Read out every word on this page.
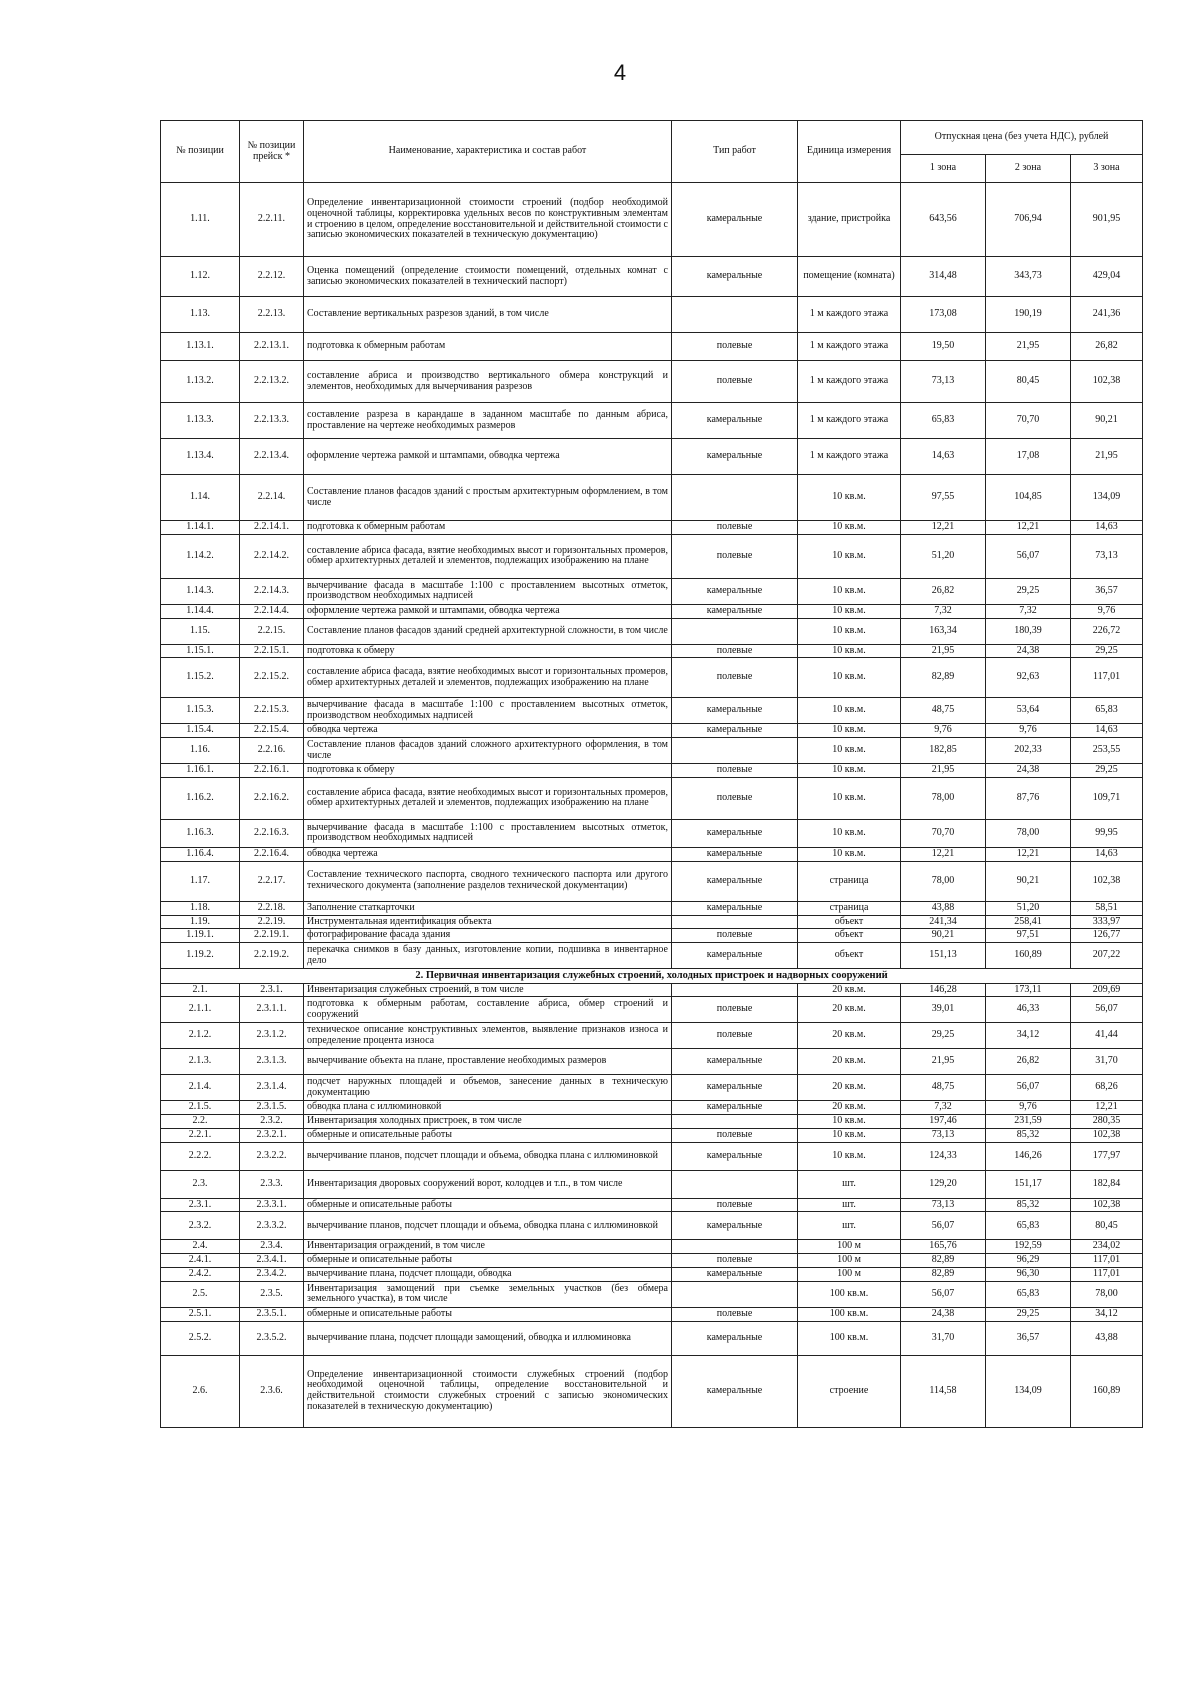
4
№ позиции	№ позиции прейск *	Наименование, характеристика и состав работ	Тип работ	Единица измерения	Отпускная цена (без учета НДС), рублей		
					1 зона	2 зона	3 зона
1.11.	2.2.11.	Определение инвентаризационной стоимости строений (подбор необходимой оценочной таблицы, корректировка удельных весов по конструктивным элементам и строению в целом, определение восстановительной и действительной стоимости с записью экономических показателей в техническую документацию)	камеральные	здание, пристройка	643,56	706,94	901,95
1.12.	2.2.12.	Оценка помещений (определение стоимости помещений, отдельных комнат с записью экономических показателей в технический паспорт)	камеральные	помещение (комната)	314,48	343,73	429,04
1.13.	2.2.13.	Составление вертикальных разрезов зданий, в том числе		1 м каждого этажа	173,08	190,19	241,36
1.13.1.	2.2.13.1.	подготовка к обмерным работам	полевые	1 м каждого этажа	19,50	21,95	26,82
1.13.2.	2.2.13.2.	составление абриса и производство вертикального обмера конструкций и элементов, необходимых для вычерчивания разрезов	полевые	1 м каждого этажа	73,13	80,45	102,38
1.13.3.	2.2.13.3.	составление разреза в карандаше в заданном масштабе по данным абриса, проставление на чертеже необходимых размеров	камеральные	1 м каждого этажа	65,83	70,70	90,21
1.13.4.	2.2.13.4.	оформление чертежа рамкой и штампами, обводка чертежа	камеральные	1 м каждого этажа	14,63	17,08	21,95
1.14.	2.2.14.	Составление планов фасадов зданий с простым архитектурным оформлением, в том числе		10 кв.м.	97,55	104,85	134,09
1.14.1.	2.2.14.1.	подготовка к обмерным работам	полевые	10 кв.м.	12,21	12,21	14,63
1.14.2.	2.2.14.2.	составление абриса фасада, взятие необходимых высот и горизонтальных промеров, обмер архитектурных деталей и элементов, подлежащих изображению на плане	полевые	10 кв.м.	51,20	56,07	73,13
1.14.3.	2.2.14.3.	вычерчивание фасада в масштабе 1:100 с проставлением высотных отметок, производством необходимых надписей	камеральные	10 кв.м.	26,82	29,25	36,57
1.14.4.	2.2.14.4.	оформление чертежа рамкой и штампами, обводка чертежа	камеральные	10 кв.м.	7,32	7,32	9,76
1.15.	2.2.15.	Составление планов фасадов зданий средней архитектурной сложности, в том числе		10 кв.м.	163,34	180,39	226,72
1.15.1.	2.2.15.1.	подготовка к обмеру	полевые	10 кв.м.	21,95	24,38	29,25
1.15.2.	2.2.15.2.	составление абриса фасада, взятие необходимых высот и горизонтальных промеров, обмер архитектурных деталей и элементов, подлежащих изображению на плане	полевые	10 кв.м.	82,89	92,63	117,01
1.15.3.	2.2.15.3.	вычерчивание фасада в масштабе 1:100 с проставлением высотных отметок, производством необходимых надписей	камеральные	10 кв.м.	48,75	53,64	65,83
1.15.4.	2.2.15.4.	обводка чертежа	камеральные	10 кв.м.	9,76	9,76	14,63
1.16.	2.2.16.	Составление планов фасадов зданий сложного архитектурного оформления, в том числе		10 кв.м.	182,85	202,33	253,55
1.16.1.	2.2.16.1.	подготовка к обмеру	полевые	10 кв.м.	21,95	24,38	29,25
1.16.2.	2.2.16.2.	составление абриса фасада, взятие необходимых высот и горизонтальных промеров, обмер архитектурных деталей и элементов, подлежащих изображению на плане	полевые	10 кв.м.	78,00	87,76	109,71
1.16.3.	2.2.16.3.	вычерчивание фасада в масштабе 1:100 с проставлением высотных отметок, производством необходимых надписей	камеральные	10 кв.м.	70,70	78,00	99,95
1.16.4.	2.2.16.4.	обводка чертежа	камеральные	10 кв.м.	12,21	12,21	14,63
1.17.	2.2.17.	Составление технического паспорта, сводного технического паспорта или другого технического документа (заполнение разделов технической документации)	камеральные	страница	78,00	90,21	102,38
1.18.	2.2.18.	Заполнение статкарточки	камеральные	страница	43,88	51,20	58,51
1.19.	2.2.19.	Инструментальная идентификация объекта		объект	241,34	258,41	333,97
1.19.1.	2.2.19.1.	фотографирование фасада здания	полевые	объект	90,21	97,51	126,77
1.19.2.	2.2.19.2.	перекачка снимков в базу данных, изготовление копии, подшивка в инвентарное дело	камеральные	объект	151,13	160,89	207,22
2. Первичная инвентаризация служебных строений, холодных пристроек и надворных сооружений							
2.1.	2.3.1.	Инвентаризация служебных строений, в том числе		20 кв.м.	146,28	173,11	209,69
2.1.1.	2.3.1.1.	подготовка к обмерным работам, составление абриса, обмер строений и сооружений	полевые	20 кв.м.	39,01	46,33	56,07
2.1.2.	2.3.1.2.	техническое описание конструктивных элементов, выявление признаков износа и определение процента износа	полевые	20 кв.м.	29,25	34,12	41,44
2.1.3.	2.3.1.3.	вычерчивание объекта на плане, проставление необходимых размеров	камеральные	20 кв.м.	21,95	26,82	31,70
2.1.4.	2.3.1.4.	подсчет наружных площадей и объемов, занесение данных в техническую документацию	камеральные	20 кв.м.	48,75	56,07	68,26
2.1.5.	2.3.1.5.	обводка плана с иллюминовкой	камеральные	20 кв.м.	7,32	9,76	12,21
2.2.	2.3.2.	Инвентаризация холодных пристроек, в том числе		10 кв.м.	197,46	231,59	280,35
2.2.1.	2.3.2.1.	обмерные и описательные работы	полевые	10 кв.м.	73,13	85,32	102,38
2.2.2.	2.3.2.2.	вычерчивание планов, подсчет площади и объема, обводка плана с иллюминовкой	камеральные	10 кв.м.	124,33	146,26	177,97
2.3.	2.3.3.	Инвентаризация дворовых сооружений ворот, колодцев и т.п., в том числе		шт.	129,20	151,17	182,84
2.3.1.	2.3.3.1.	обмерные и описательные работы	полевые	шт.	73,13	85,32	102,38
2.3.2.	2.3.3.2.	вычерчивание планов, подсчет площади и объема, обводка плана с иллюминовкой	камеральные	шт.	56,07	65,83	80,45
2.4.	2.3.4.	Инвентаризация ограждений, в том числе		100 м	165,76	192,59	234,02
2.4.1.	2.3.4.1.	обмерные и описательные работы	полевые	100 м	82,89	96,29	117,01
2.4.2.	2.3.4.2.	вычерчивание плана, подсчет площади, обводка	камеральные	100 м	82,89	96,30	117,01
2.5.	2.3.5.	Инвентаризация замощений при съемке земельных участков (без обмера земельного участка), в том числе		100 кв.м.	56,07	65,83	78,00
2.5.1.	2.3.5.1.	обмерные и описательные работы	полевые	100 кв.м.	24,38	29,25	34,12
2.5.2.	2.3.5.2.	вычерчивание плана, подсчет площади замощений, обводка и иллюминовка	камеральные	100 кв.м.	31,70	36,57	43,88
2.6.	2.3.6.	Определение инвентаризационной стоимости служебных строений (подбор необходимой оценочной таблицы, определение восстановительной и действительной стоимости служебных строений с записью экономических показателей в техническую документацию)	камеральные	строение	114,58	134,09	160,89
